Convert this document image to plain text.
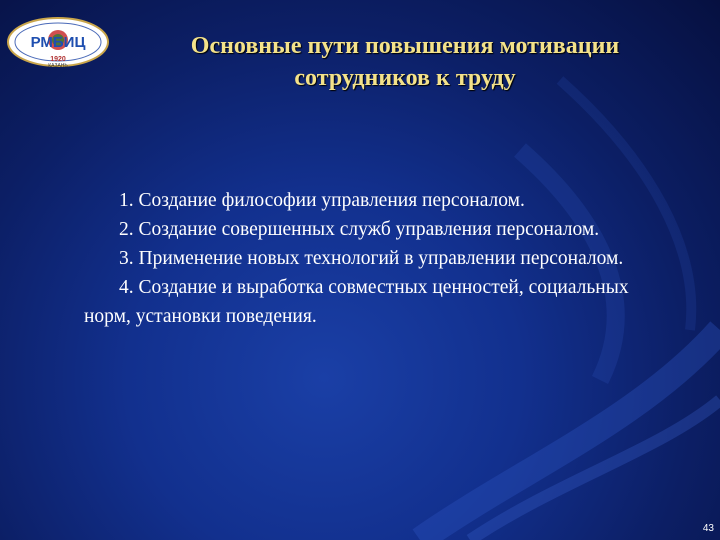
РМБИЦ
1920
КАЗАНЬ
Основные пути повышения мотивации
сотрудников к труду

1. Создание философии управления персоналом.

2. Создание совершенных служб управления персоналом.

3. Применение новых технологий в управлении персоналом.

4. Создание и выработка совместных ценностей, социальных норм, установки поведения.

43
